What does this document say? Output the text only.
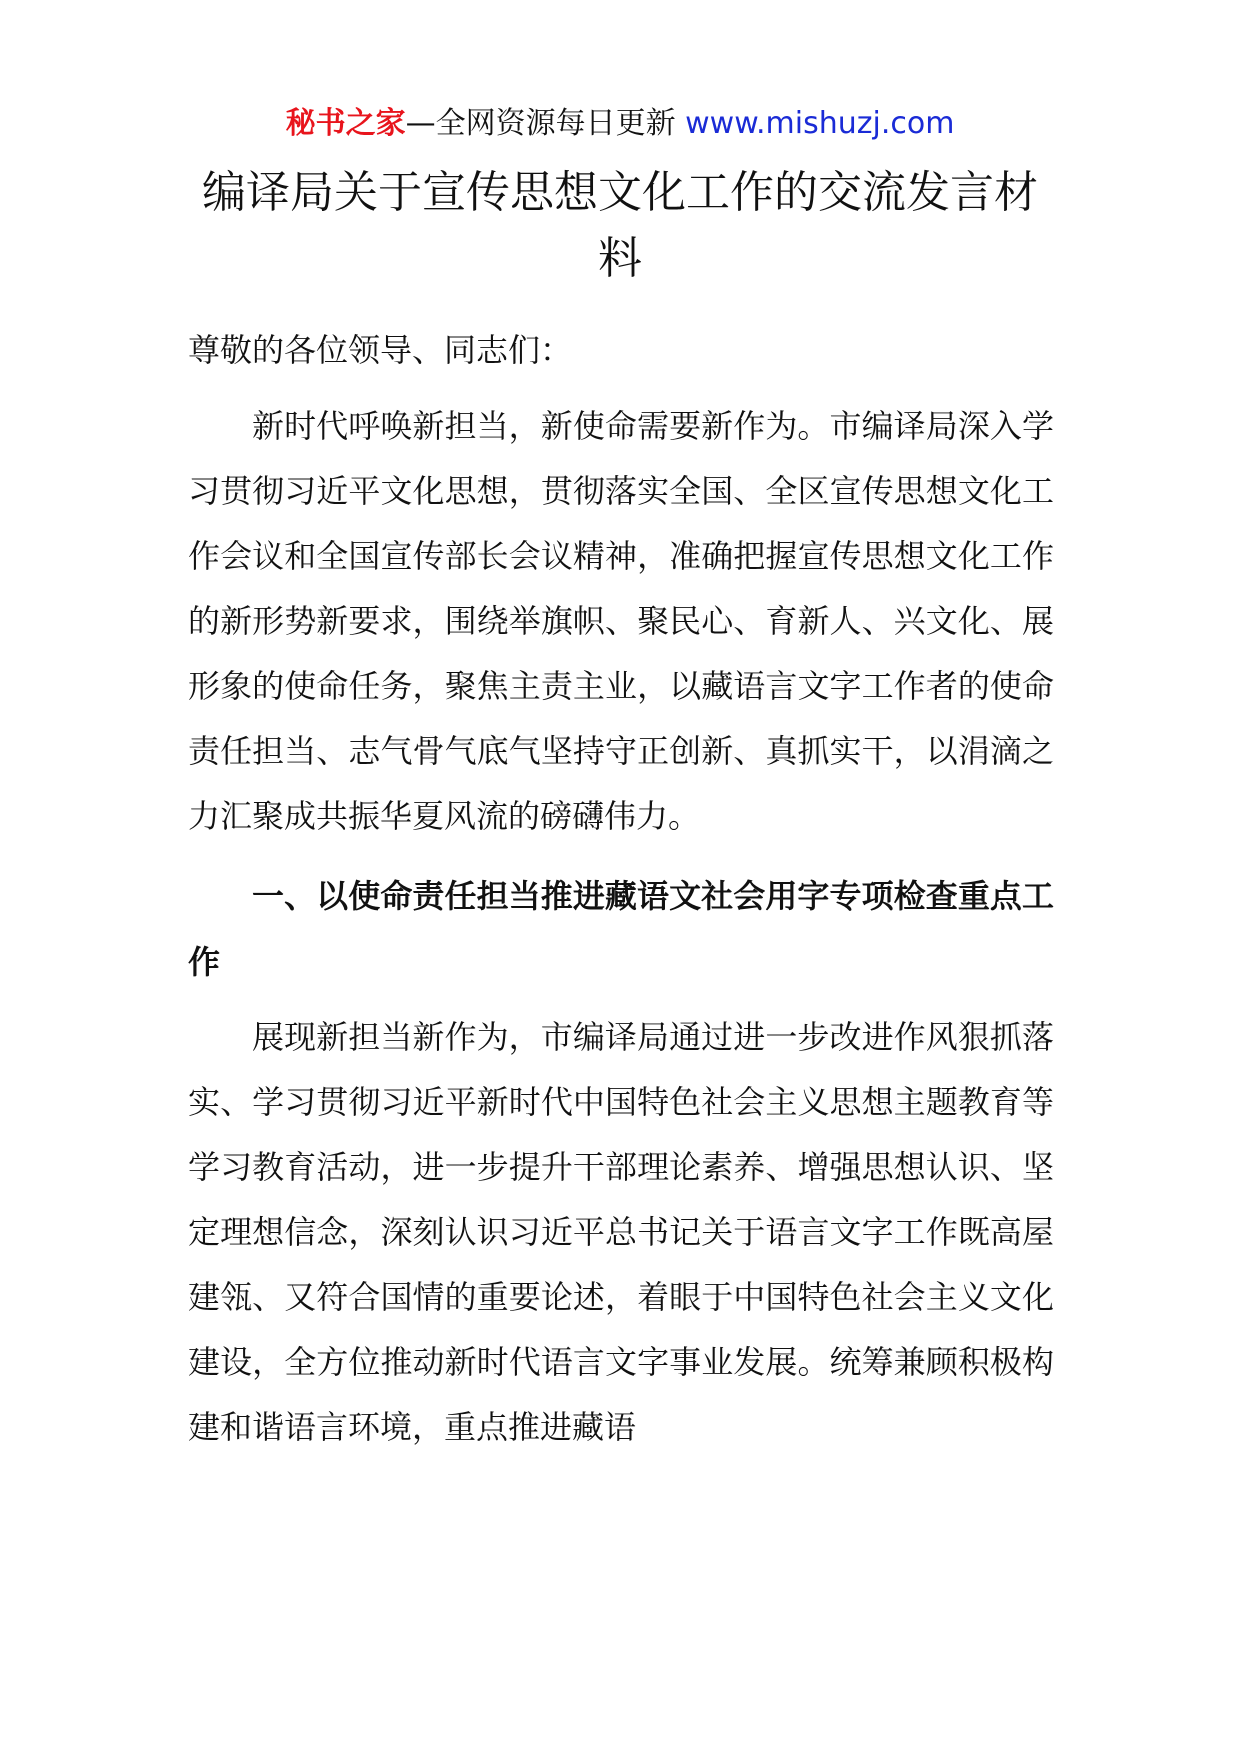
秘书之家—全网资源每日更新 www.mishuzj.com
编译局关于宣传思想文化工作的交流发言材料

尊敬的各位领导、同志们：

新时代呼唤新担当，新使命需要新作为。市编译局深入学习贯彻习近平文化思想，贯彻落实全国、全区宣传思想文化工作会议和全国宣传部长会议精神，准确把握宣传思想文化工作的新形势新要求，围绕举旗帜、聚民心、育新人、兴文化、展形象的使命任务，聚焦主责主业，以藏语言文字工作者的使命责任担当、志气骨气底气坚持守正创新、真抓实干，以涓滴之力汇聚成共振华夏风流的磅礴伟力。

一、以使命责任担当推进藏语文社会用字专项检查重点工作

展现新担当新作为，市编译局通过进一步改进作风狠抓落实、学习贯彻习近平新时代中国特色社会主义思想主题教育等学习教育活动，进一步提升干部理论素养、增强思想认识、坚定理想信念，深刻认识习近平总书记关于语言文字工作既高屋建瓴、又符合国情的重要论述，着眼于中国特色社会主义文化建设，全方位推动新时代语言文字事业发展。统筹兼顾积极构建和谐语言环境，重点推进藏语
